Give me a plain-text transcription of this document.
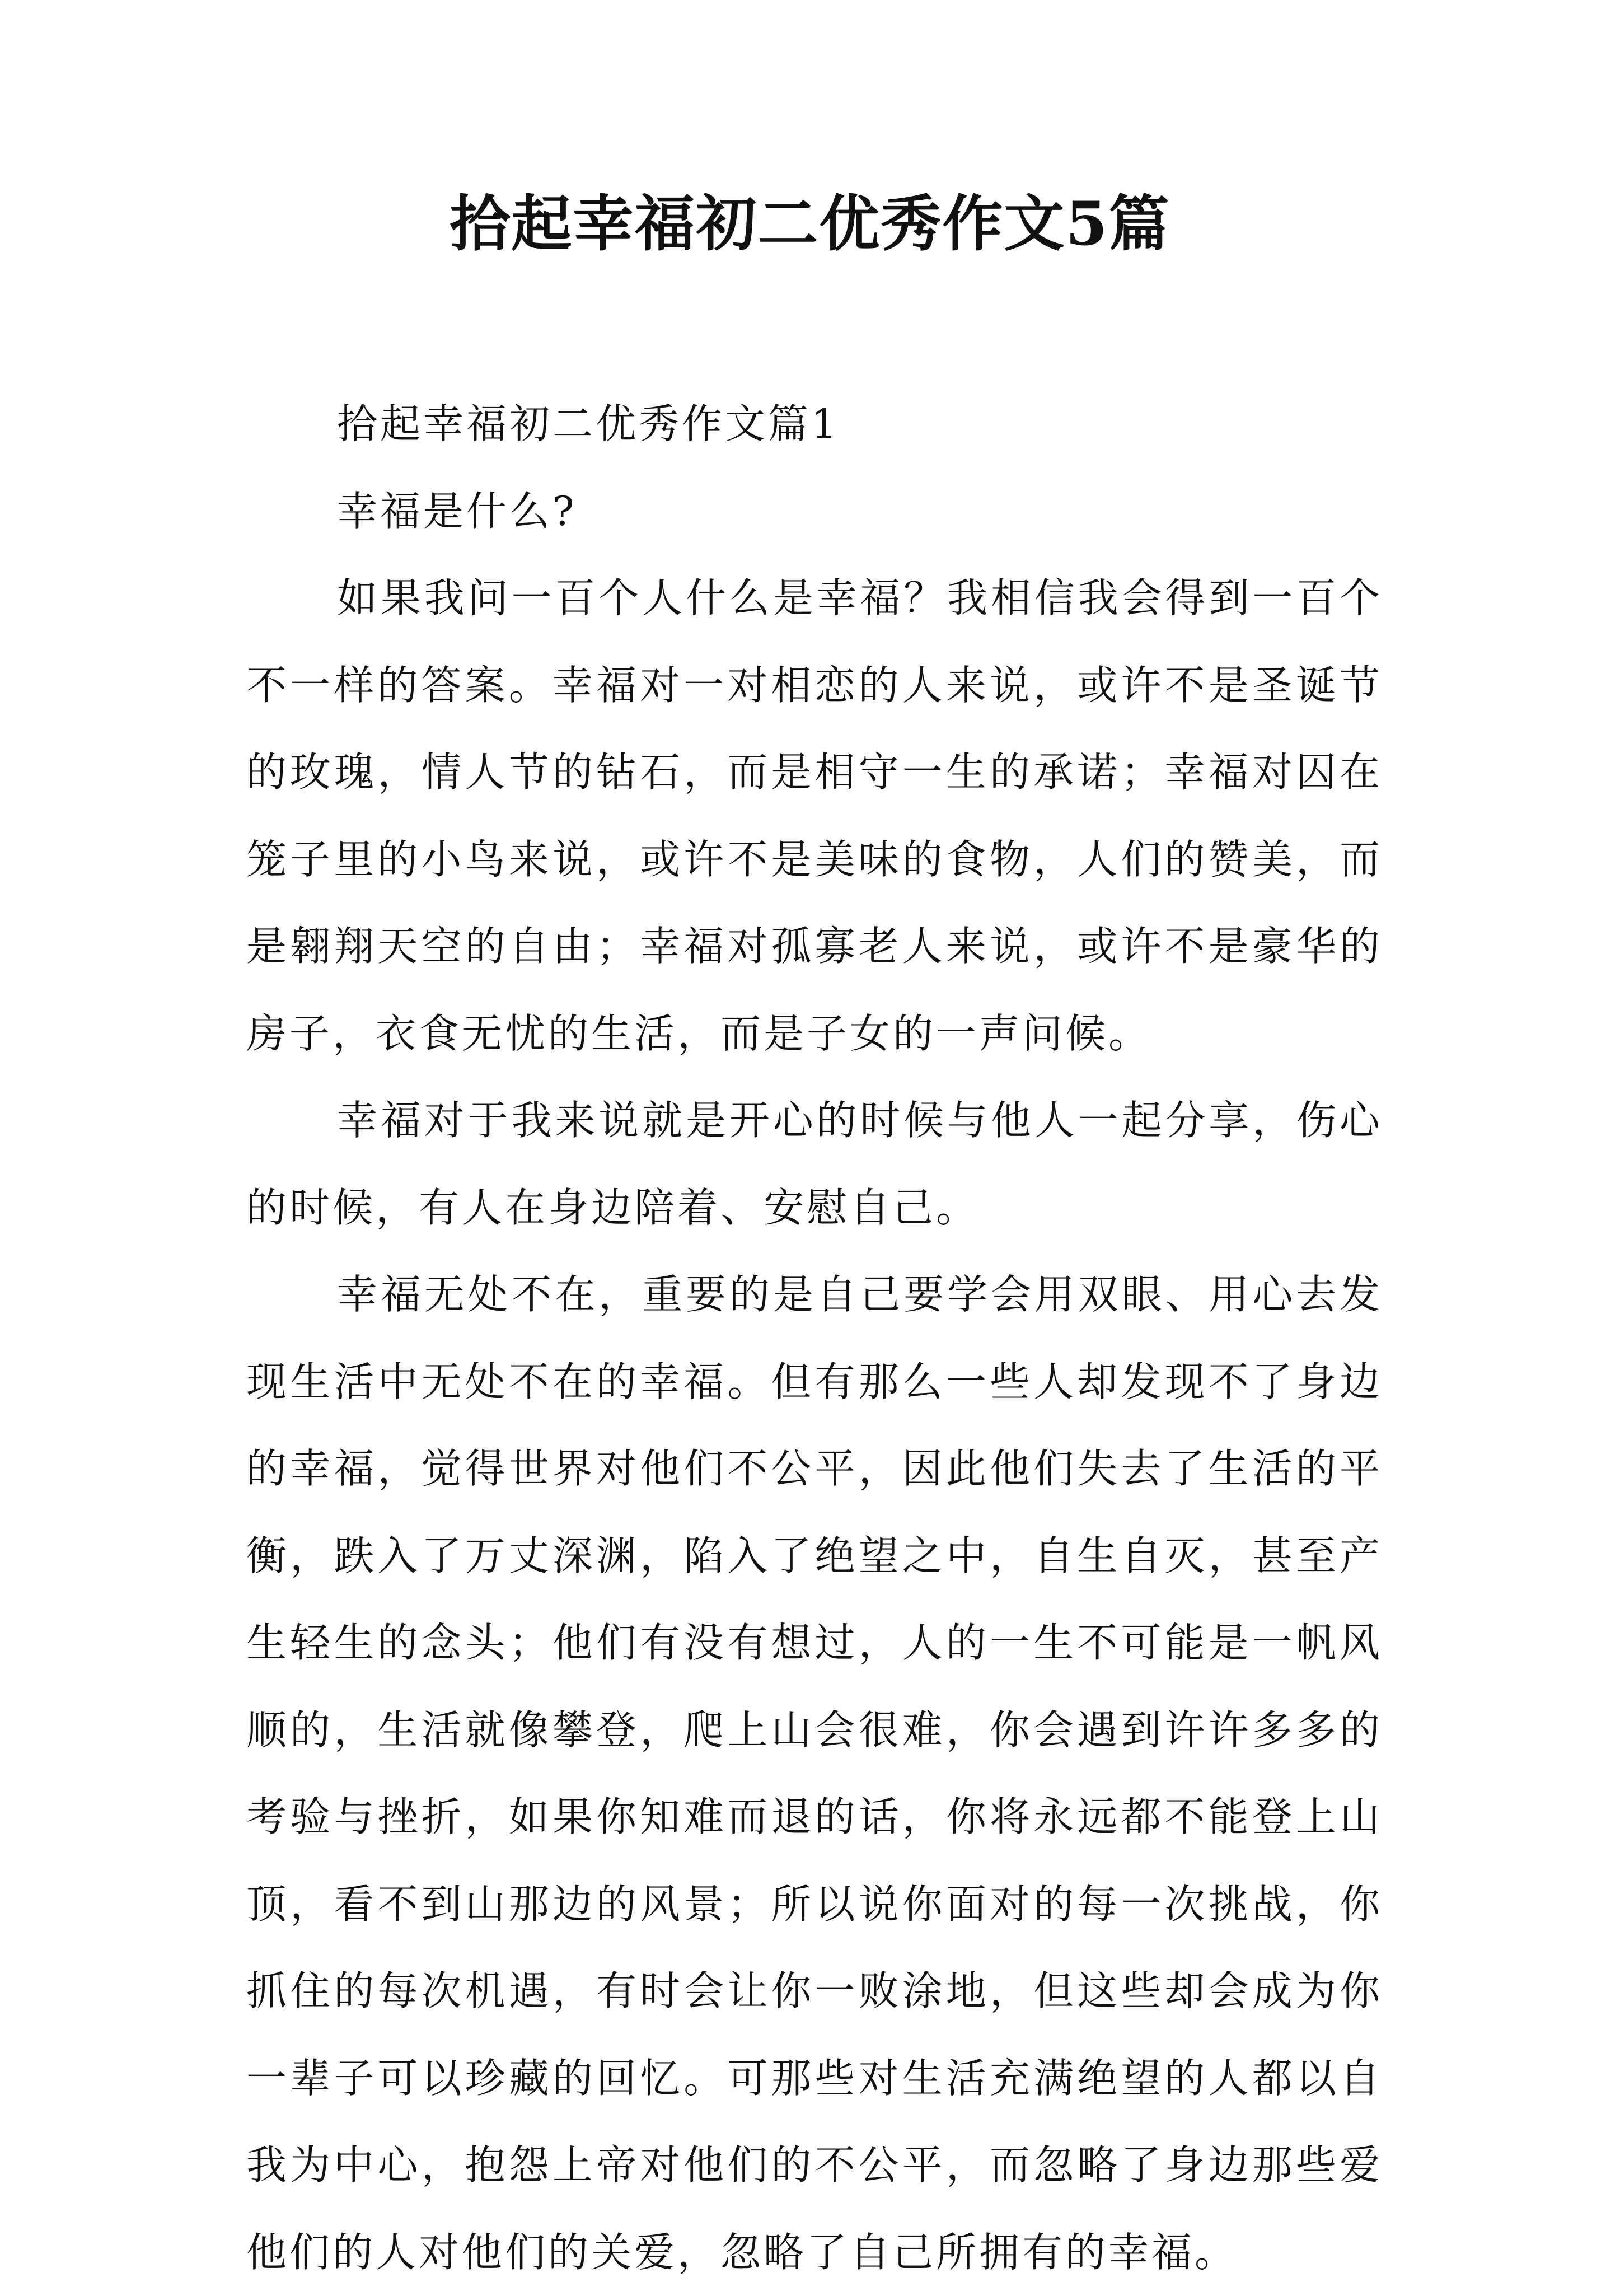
拾起幸福初二优秀作文5篇

拾起幸福初二优秀作文篇1

幸福是什么?

如果我问一百个人什么是幸福？我相信我会得到一百个不一样的答案。幸福对一对相恋的人来说，或许不是圣诞节的玫瑰，情人节的钻石，而是相守一生的承诺；幸福对囚在笼子里的小鸟来说，或许不是美味的食物，人们的赞美，而是翱翔天空的自由；幸福对孤寡老人来说，或许不是豪华的房子，衣食无忧的生活，而是子女的一声问候。

幸福对于我来说就是开心的时候与他人一起分享，伤心的时候，有人在身边陪着、安慰自己。

幸福无处不在，重要的是自己要学会用双眼、用心去发现生活中无处不在的幸福。但有那么一些人却发现不了身边的幸福，觉得世界对他们不公平，因此他们失去了生活的平衡，跌入了万丈深渊，陷入了绝望之中，自生自灭，甚至产生轻生的念头；他们有没有想过，人的一生不可能是一帆风顺的，生活就像攀登，爬上山会很难，你会遇到许许多多的考验与挫折，如果你知难而退的话，你将永远都不能登上山顶，看不到山那边的风景；所以说你面对的每一次挑战，你抓住的每次机遇，有时会让你一败涂地，但这些却会成为你一辈子可以珍藏的回忆。可那些对生活充满绝望的人都以自我为中心，抱怨上帝对他们的不公平，而忽略了身边那些爱他们的人对他们的关爱，忽略了自己所拥有的幸福。
